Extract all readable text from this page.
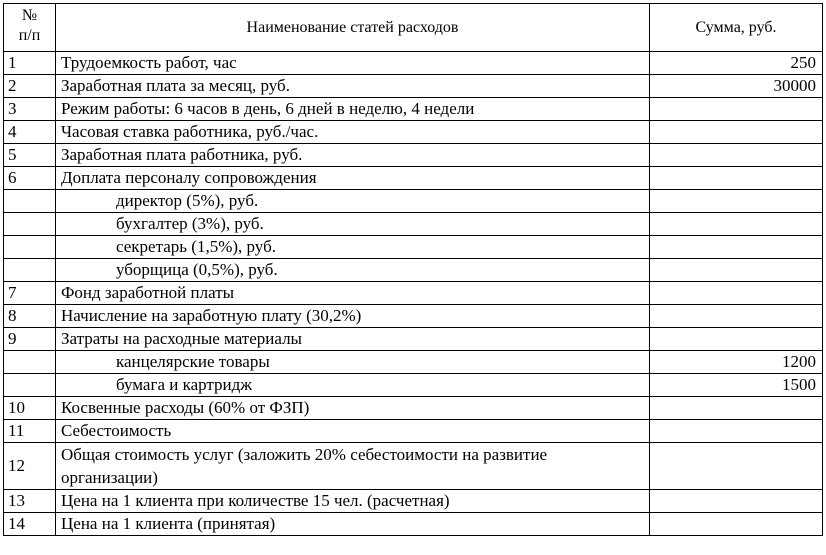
№
п/п	Наименование статей расходов	Сумма, руб.
1	Трудоемкость работ, час	250
2	Заработная плата за месяц, руб.	30000
3	Режим работы: 6 часов в день, 6 дней в неделю, 4 недели	
4	Часовая ставка работника, руб./час.	
5	Заработная плата работника, руб.	
6	Доплата персоналу сопровождения	
	директор (5%), руб.	
	бухгалтер (3%), руб.	
	секретарь (1,5%), руб.	
	уборщица (0,5%), руб.	
7	Фонд заработной платы	
8	Начисление на заработную плату (30,2%)	
9	Затраты на расходные материалы	
	канцелярские товары	1200
	бумага и картридж	1500
10	Косвенные расходы (60% от ФЗП)	
11	Себестоимость	
12	Общая стоимость услуг (заложить 20% себестоимости на развитие организации)	
13	Цена на 1 клиента при количестве 15 чел. (расчетная)	
14	Цена на 1 клиента (принятая)	
